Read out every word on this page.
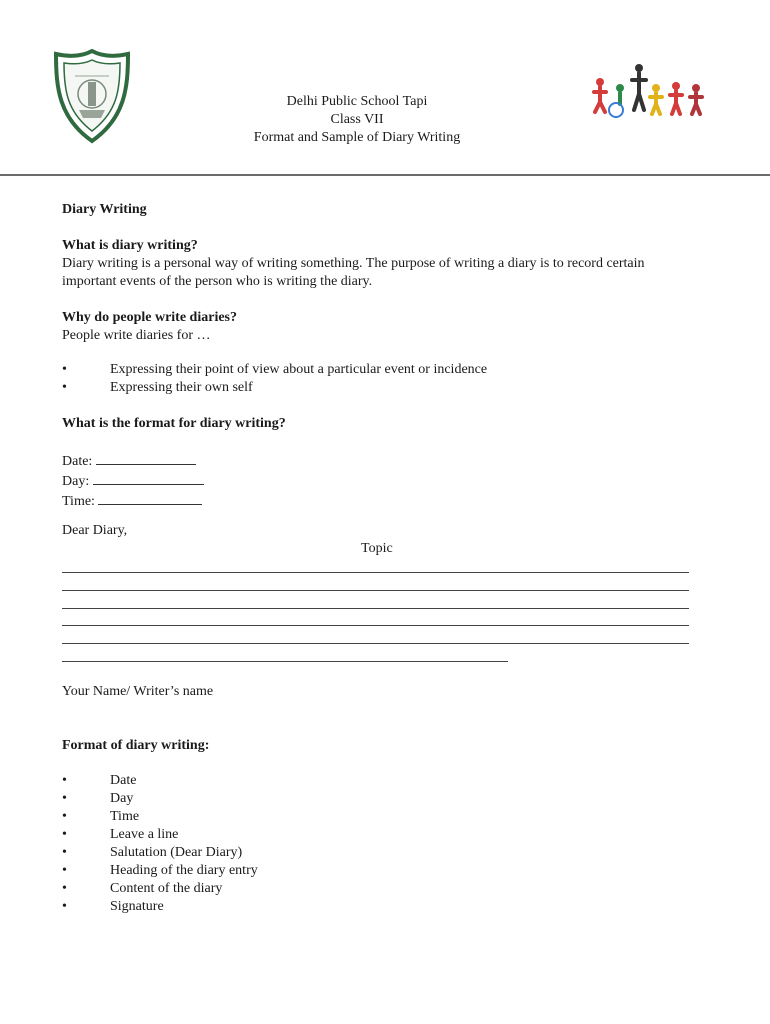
Delhi Public School Tapi
Class VII
Format and Sample of Diary Writing
Diary Writing
What is diary writing?
Diary writing is a personal way of writing something. The purpose of writing a diary is to record certain important events of the person who is writing the diary.
Why do people write diaries?
People write diaries for …
•	Expressing their point of view about a particular event or incidence
•	Expressing their own self
What is the format for diary writing?
Date:
Day:
Time:
Dear Diary,
Topic
Your Name/ Writer’s name
Format of diary writing:
•	Date
•	Day
•	Time
•	Leave a line
•	Salutation (Dear Diary)
•	Heading of the diary entry
•	Content of the diary
•	Signature
